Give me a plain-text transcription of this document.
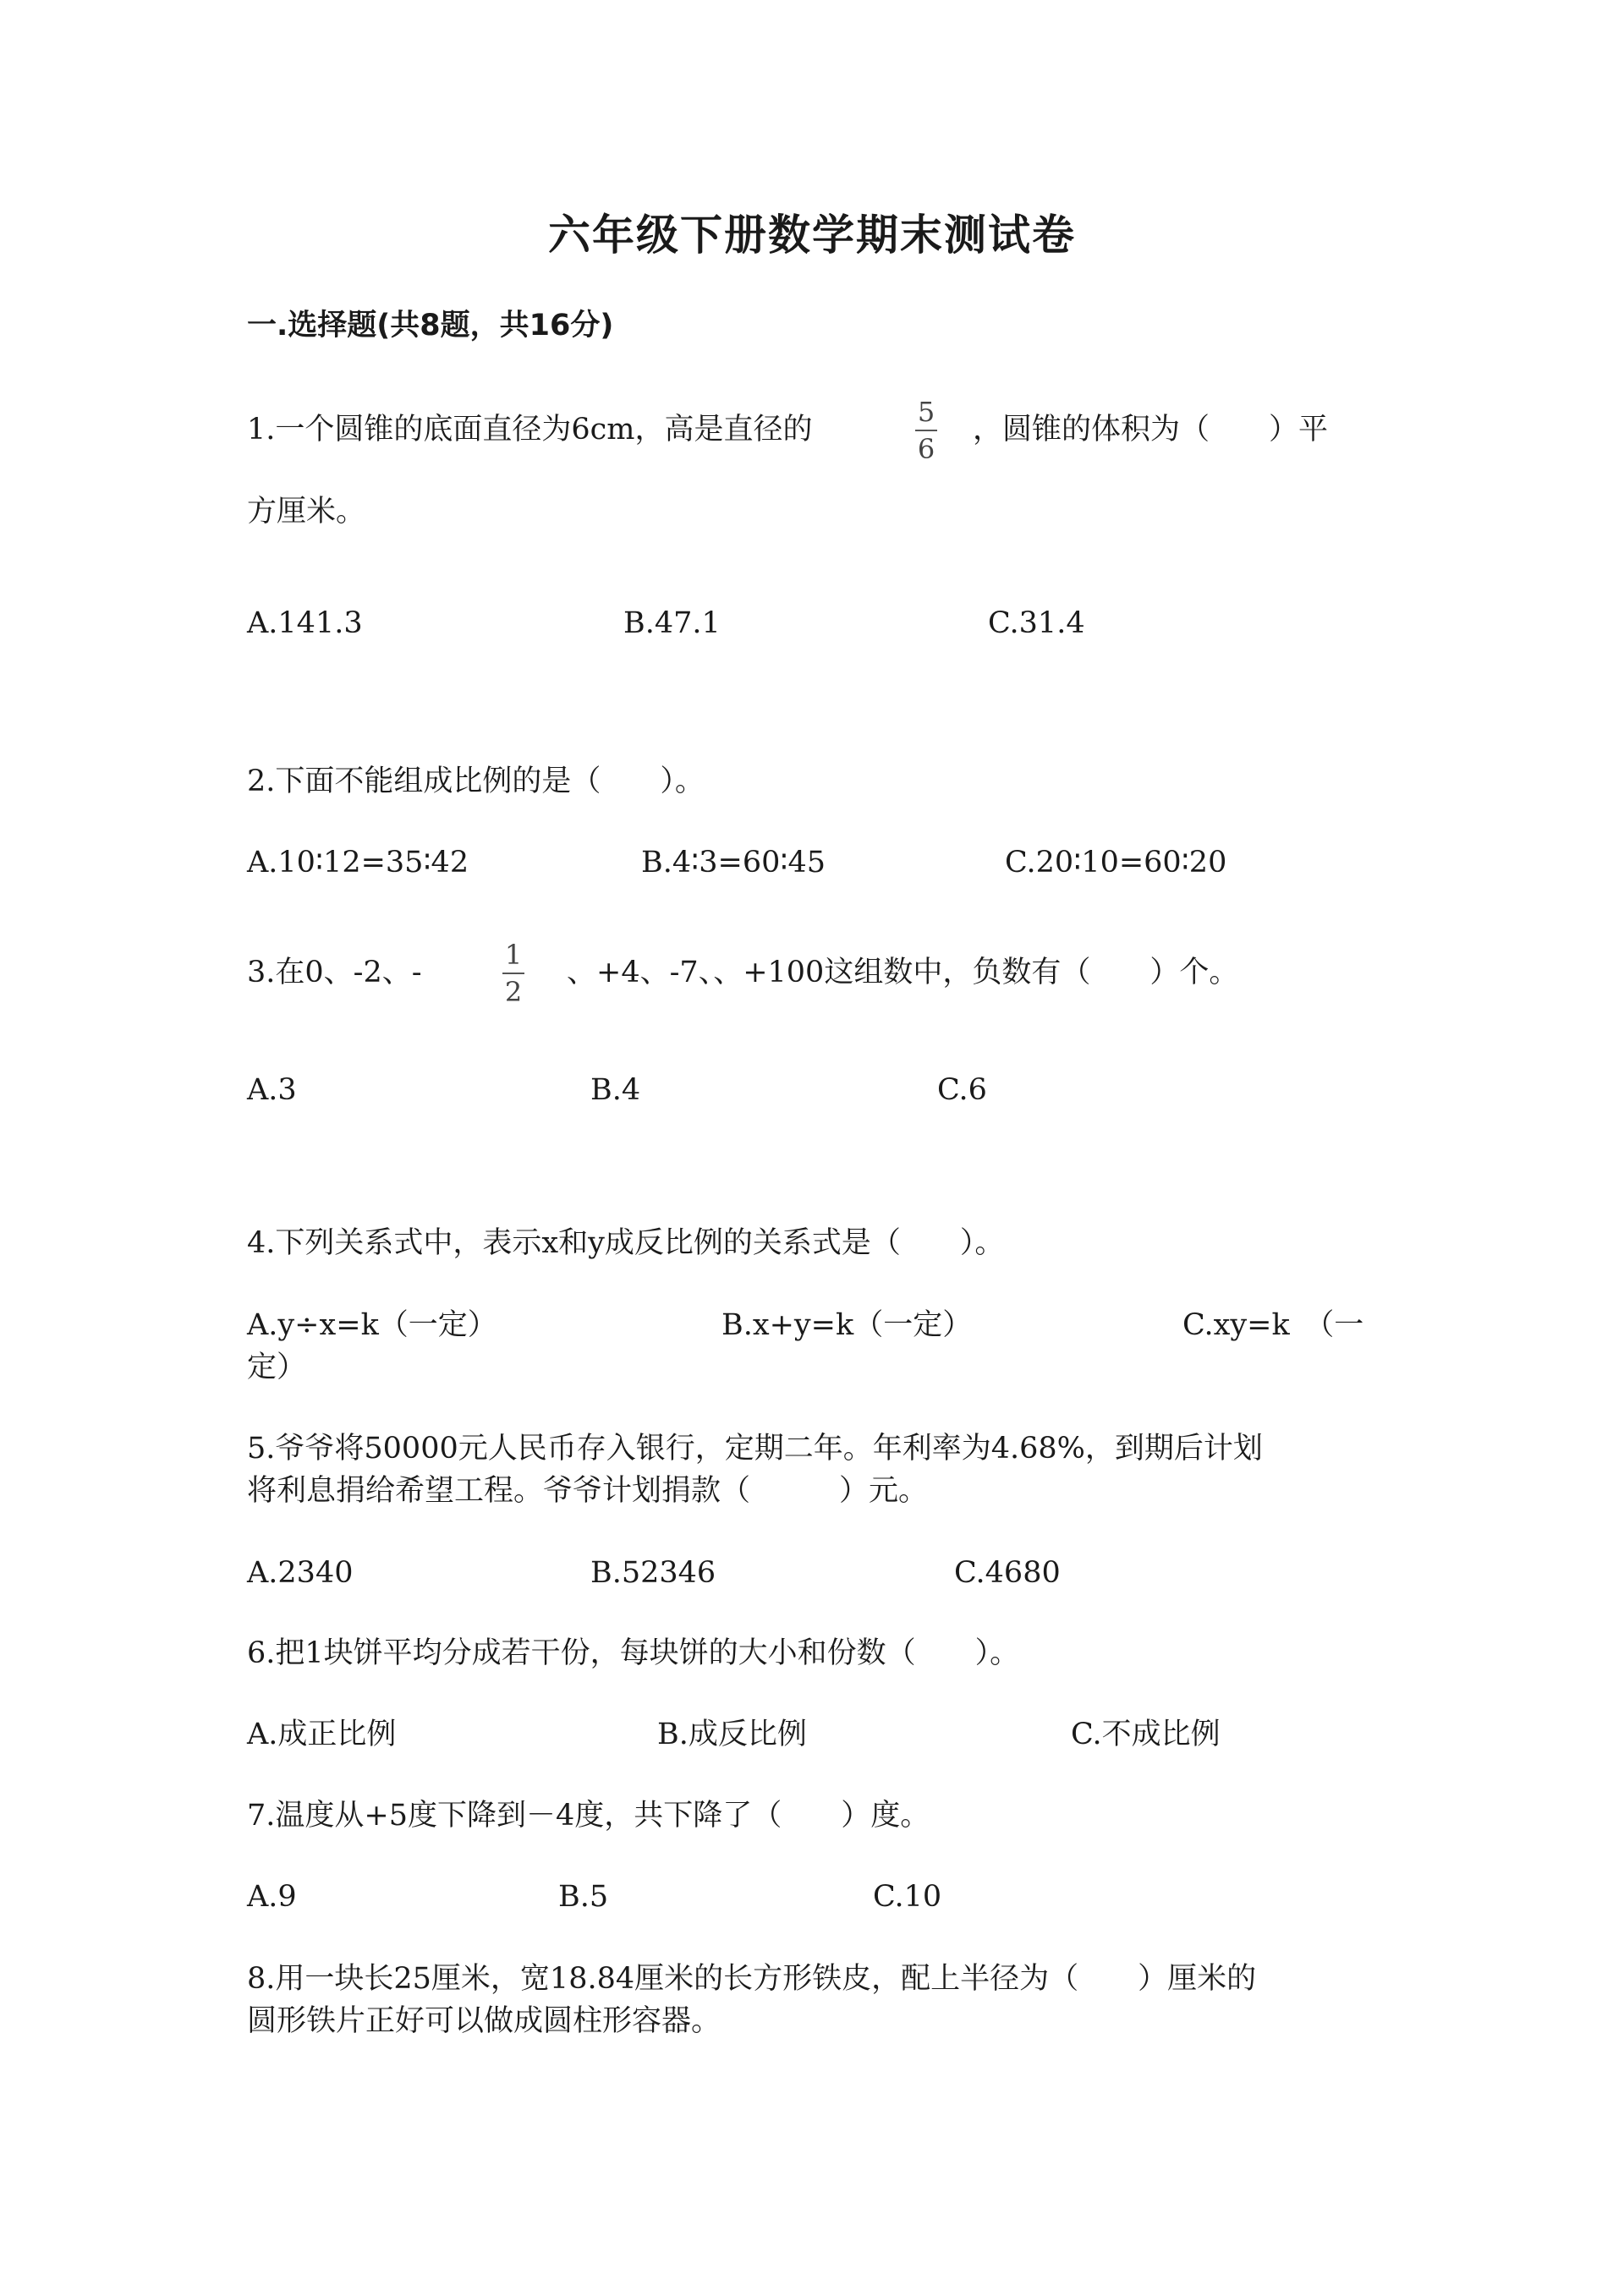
六年级下册数学期末测试卷
一.选择题(共8题，共16分)
1.一个圆锥的底面直径为6cm，高是直径的
5
6
，圆锥的体积为（　　）平
方厘米。
A.141.3	B.47.1	C.31.4
2.下面不能组成比例的是（　　）。
A.10∶12=35∶42	B.4∶3=60∶45	C.20∶10=60∶20
3.在0、-2、-
1
2
、+4、-7、、+100这组数中，负数有（　　）个。
A.3	B.4	C.6
4.下列关系式中，表示x和y成反比例的关系式是（　　）。
A.y÷x=k（一定）	B.x+y=k（一定）	C.xy=k　（一
定）
5.爷爷将50000元人民币存入银行，定期二年。年利率为4.68%，到期后计划
将利息捐给希望工程。爷爷计划捐款（　　　）元。
A.2340	B.52346	C.4680
6.把1块饼平均分成若干份，每块饼的大小和份数（　　）。
A.成正比例	B.成反比例	C.不成比例
7.温度从+5度下降到－4度，共下降了（　　）度。
A.9	B.5	C.10
8.用一块长25厘米，宽18.84厘米的长方形铁皮，配上半径为（　　）厘米的
圆形铁片正好可以做成圆柱形容器。
